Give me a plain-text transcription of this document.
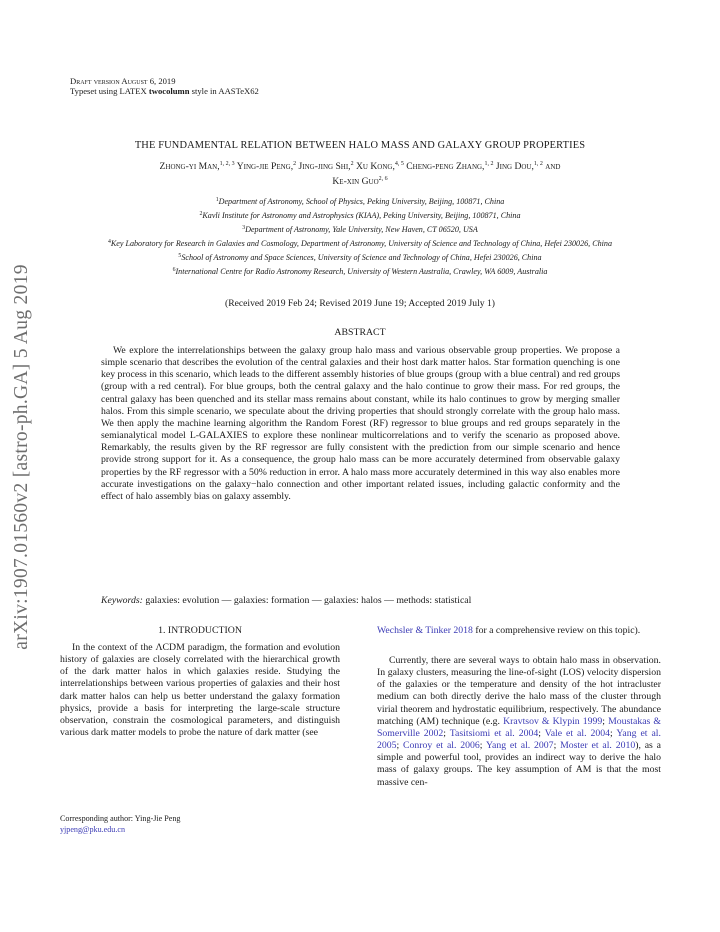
arXiv:1907.01560v2 [astro-ph.GA] 5 Aug 2019
Draft version August 6, 2019
Typeset using LATEX twocolumn style in AASTeX62
THE FUNDAMENTAL RELATION BETWEEN HALO MASS AND GALAXY GROUP PROPERTIES
Zhong-yi Man,$^{1, 2, 3}$ Ying-jie Peng,$^2$ Jing-jing Shi,$^2$ Xu Kong,$^{4, 5}$ Cheng-peng Zhang,$^{1, 2}$ Jing Dou,$^{1, 2}$ and
Ke-xin Guo$^{2, 6}$
$^1$Department of Astronomy, School of Physics, Peking University, Beijing, 100871, China
$^2$Kavli Institute for Astronomy and Astrophysics (KIAA), Peking University, Beijing, 100871, China
$^3$Department of Astronomy, Yale University, New Haven, CT 06520, USA
$^4$Key Laboratory for Research in Galaxies and Cosmology, Department of Astronomy, University of Science and Technology of China, Hefei 230026, China
$^5$School of Astronomy and Space Sciences, University of Science and Technology of China, Hefei 230026, China
$^6$International Centre for Radio Astronomy Research, University of Western Australia, Crawley, WA 6009, Australia
(Received 2019 Feb 24; Revised 2019 June 19; Accepted 2019 July 1)
ABSTRACT

We explore the interrelationships between the galaxy group halo mass and various observable group properties. We propose a simple scenario that describes the evolution of the central galaxies and their host dark matter halos. Star formation quenching is one key process in this scenario, which leads to the different assembly histories of blue groups (group with a blue central) and red groups (group with a red central). For blue groups, both the central galaxy and the halo continue to grow their mass. For red groups, the central galaxy has been quenched and its stellar mass remains about constant, while its halo continues to grow by merging smaller halos. From this simple scenario, we speculate about the driving properties that should strongly correlate with the group halo mass. We then apply the machine learning algorithm the Random Forest (RF) regressor to blue groups and red groups separately in the semianalytical model L-GALAXIES to explore these nonlinear multicorrelations and to verify the scenario as proposed above. Remarkably, the results given by the RF regressor are fully consistent with the prediction from our simple scenario and hence provide strong support for it. As a consequence, the group halo mass can be more accurately determined from observable galaxy properties by the RF regressor with a 50% reduction in error. A halo mass more accurately determined in this way also enables more accurate investigations on the galaxy−halo connection and other important related issues, including galactic conformity and the effect of halo assembly bias on galaxy assembly.

Keywords: galaxies: evolution — galaxies: formation — galaxies: halos — methods: statistical
1. INTRODUCTION

In the context of the ΛCDM paradigm, the formation and evolution history of galaxies are closely correlated with the hierarchical growth of the dark matter halos in which galaxies reside. Studying the interrelationships between various properties of galaxies and their host dark matter halos can help us better understand the galaxy formation physics, provide a basis for interpreting the large-scale structure observation, constrain the cosmological parameters, and distinguish various dark matter models to probe the nature of dark matter (see

Corresponding author: Ying-Jie Peng
yjpeng@pku.edu.cn

Wechsler & Tinker 2018 for a comprehensive review on this topic).

Currently, there are several ways to obtain halo mass in observation. In galaxy clusters, measuring the line-of-sight (LOS) velocity dispersion of the galaxies or the temperature and density of the hot intracluster medium can both directly derive the halo mass of the cluster through virial theorem and hydrostatic equilibrium, respectively. The abundance matching (AM) technique (e.g. Kravtsov & Klypin 1999; Moustakas & Somerville 2002; Tasitsiomi et al. 2004; Vale et al. 2004; Yang et al. 2005; Conroy et al. 2006; Yang et al. 2007; Moster et al. 2010), as a simple and powerful tool, provides an indirect way to derive the halo mass of galaxy groups. The key assumption of AM is that the most massive cen-
